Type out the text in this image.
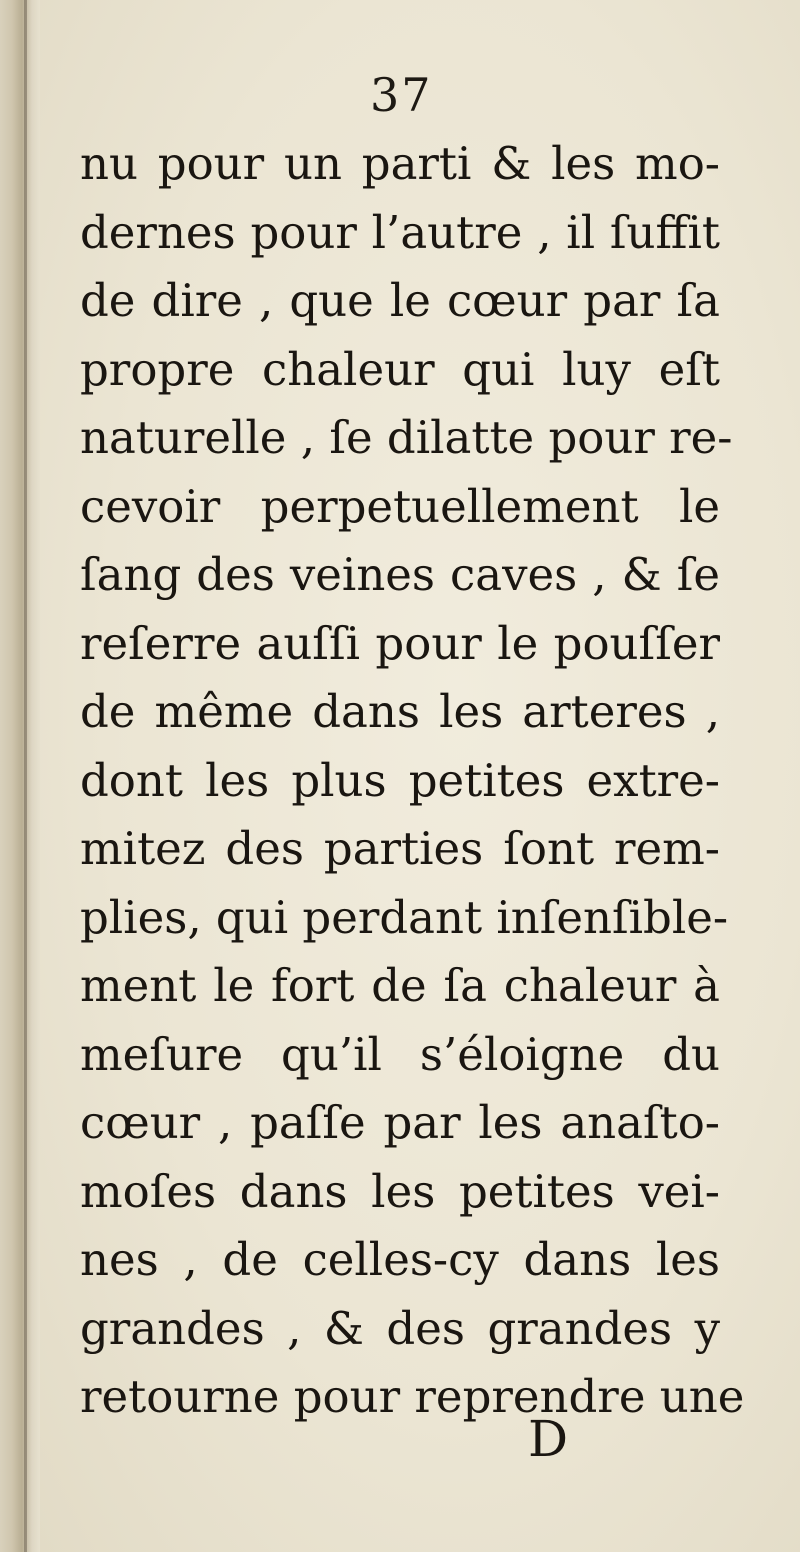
37
nu pour un parti & les mo-
dernes pour l’autre , il ſuffit
de dire , que le cœur par ſa
propre chaleur qui luy eſt
naturelle , ſe dilatte pour re-
cevoir perpetuellement le
ſang des veines caves , & ſe
reſerre auſſi pour le pouſſer
de même dans les arteres ,
dont les plus petites extre-
mitez des parties ſont rem-
plies, qui perdant inſenſible-
ment le fort de ſa chaleur à
meſure qu’il s’éloigne du
cœur , paſſe par les anaſto-
moſes dans les petites vei-
nes , de celles-cy dans les
grandes , & des grandes y
retourne pour reprendre une
D
